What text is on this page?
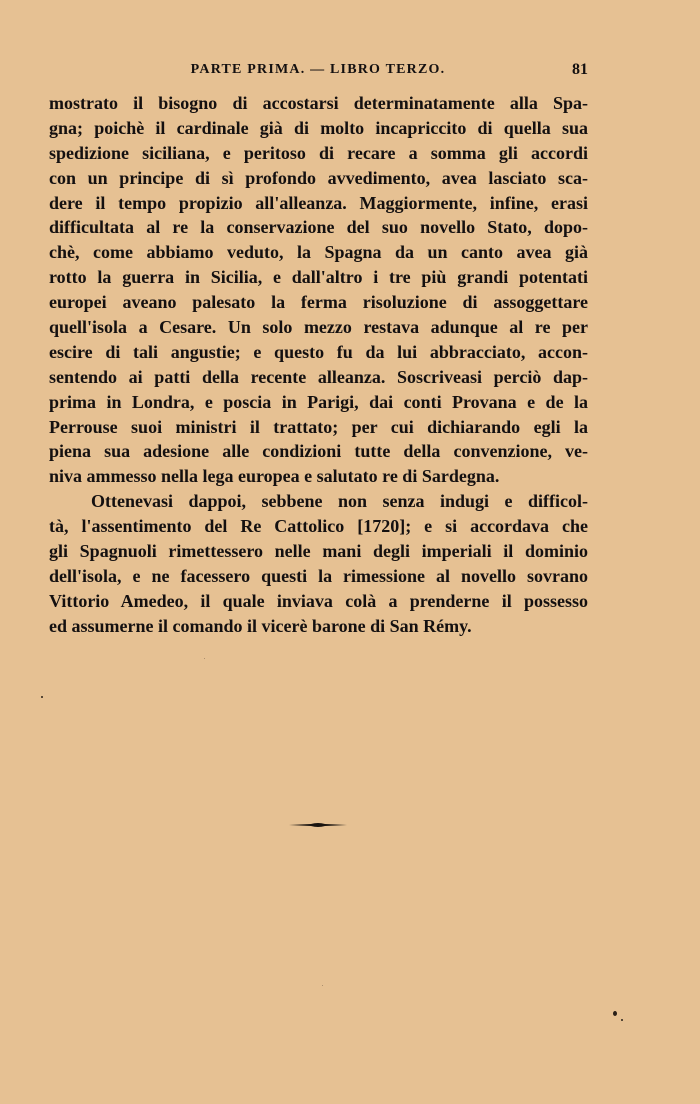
PARTE PRIMA. — LIBRO TERZO.	81
mostrato il bisogno di accostarsi determinatamente alla Spa-
gna; poichè il cardinale già di molto incapriccito di quella sua
spedizione siciliana, e peritoso di recare a somma gli accordi
con un principe di sì profondo avvedimento, avea lasciato sca-
dere il tempo propizio all'alleanza. Maggiormente, infine, erasi
difficultata al re la conservazione del suo novello Stato, dopo-
chè, come abbiamo veduto, la Spagna da un canto avea già
rotto la guerra in Sicilia, e dall'altro i tre più grandi potentati
europei aveano palesato la ferma risoluzione di assoggettare
quell'isola a Cesare. Un solo mezzo restava adunque al re per
escire di tali angustie; e questo fu da lui abbracciato, accon-
sentendo ai patti della recente alleanza. Soscriveasi perciò dap-
prima in Londra, e poscia in Parigi, dai conti Provana e de la
Perrouse suoi ministri il trattato; per cui dichiarando egli la
piena sua adesione alle condizioni tutte della convenzione, ve-
niva ammesso nella lega europea e salutato re di Sardegna.
Ottenevasi dappoi, sebbene non senza indugi e difficol-
tà, l'assentimento del Re Cattolico [1720]; e si accordava che
gli Spagnuoli rimettessero nelle mani degli imperiali il dominio
dell'isola, e ne facessero questi la rimessione al novello sovrano
Vittorio Amedeo, il quale inviava colà a prenderne il possesso
ed assumerne il comando il vicerè barone di San Rémy.
